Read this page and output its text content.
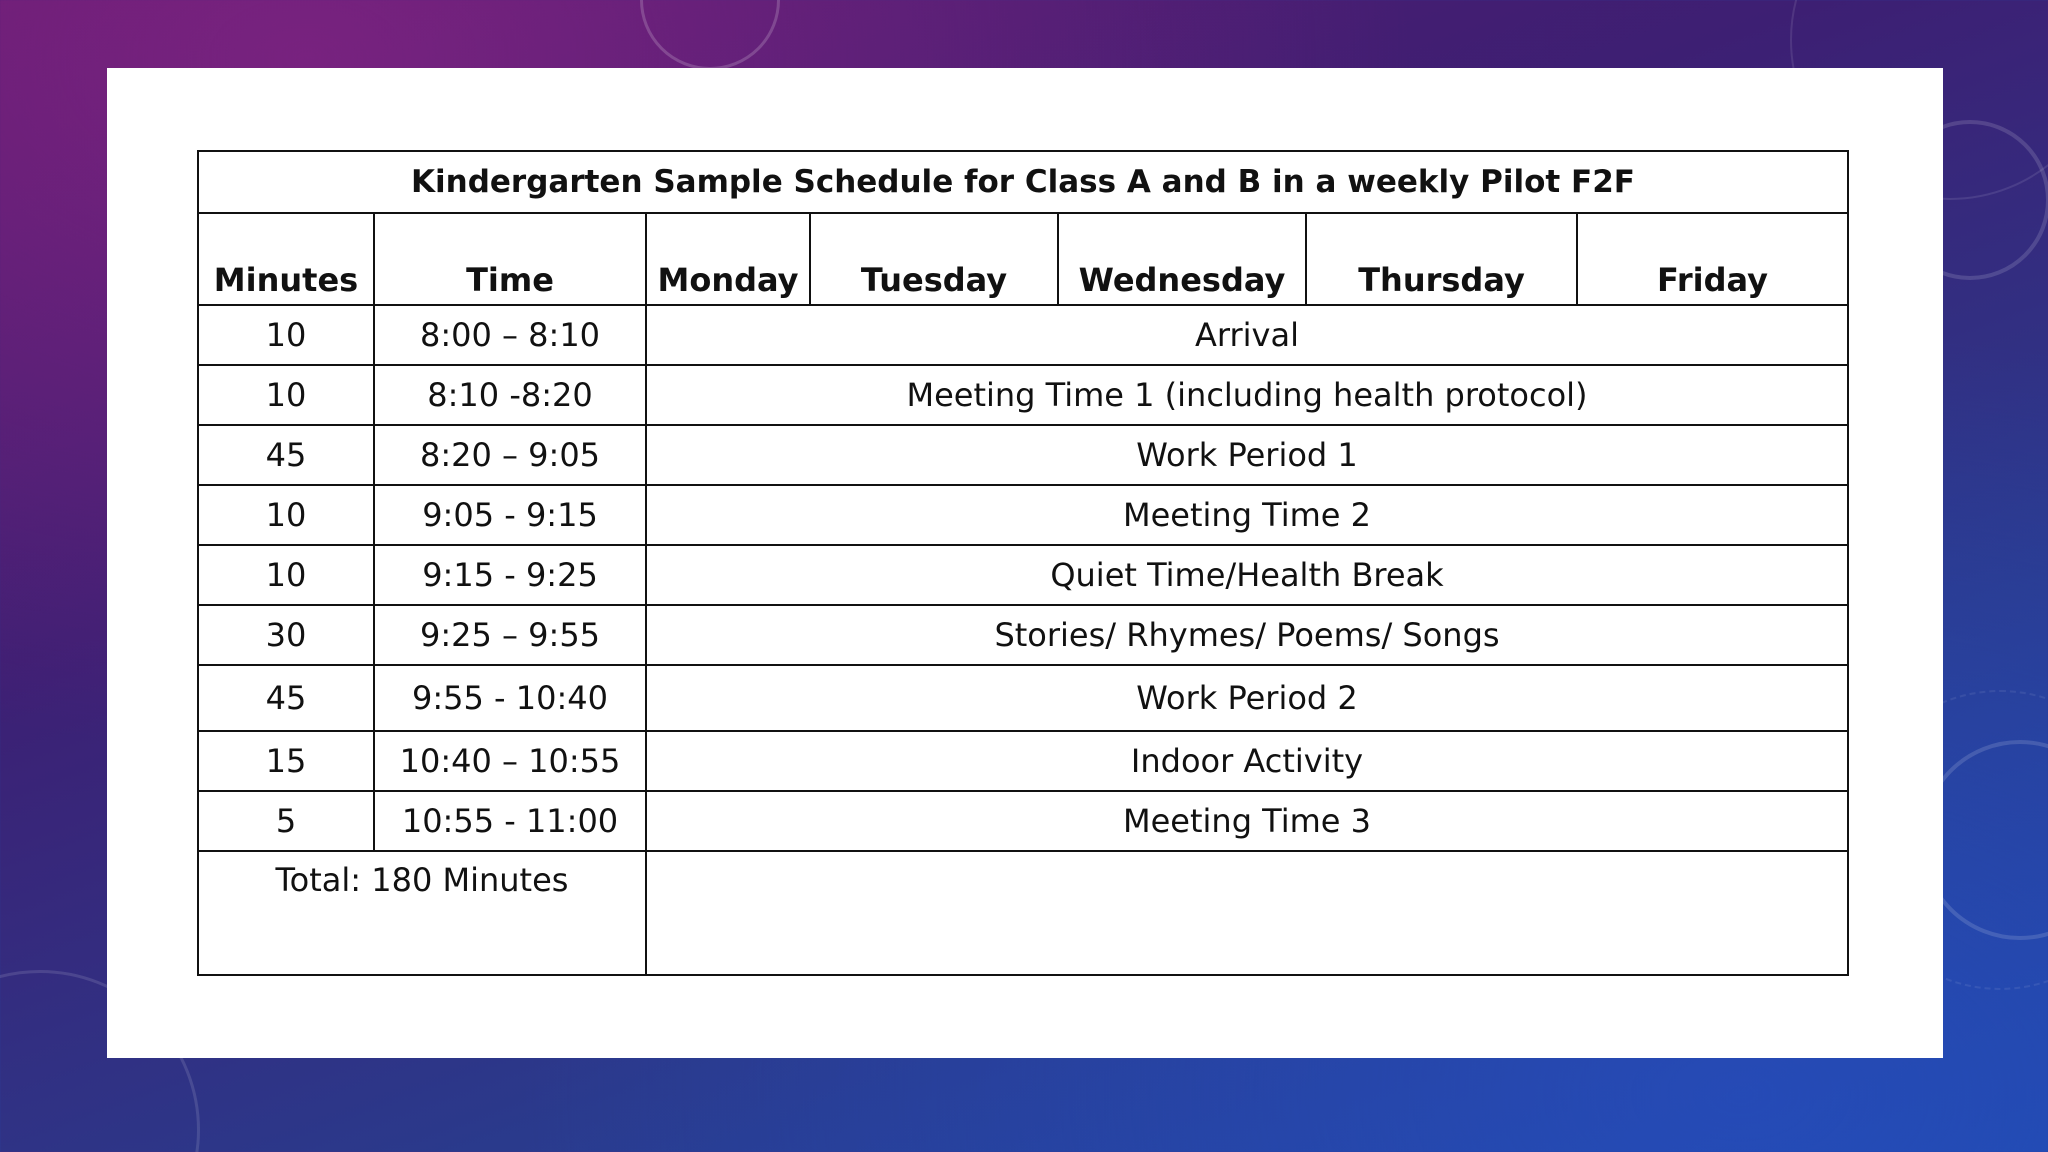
Kindergarten Sample Schedule for Class A and B in a weekly Pilot F2F						
Minutes	Time	Monday	Tuesday	Wednesday	Thursday	Friday
10	8:00 – 8:10	Arrival				
10	8:10 -8:20	Meeting Time 1 (including health protocol)				
45	8:20 – 9:05	Work Period 1				
10	9:05 - 9:15	Meeting Time 2				
10	9:15 - 9:25	Quiet Time/Health Break				
30	9:25 – 9:55	Stories/ Rhymes/ Poems/ Songs				
45	9:55 - 10:40	Work Period 2				
15	10:40 – 10:55	Indoor Activity				
5	10:55 - 11:00	Meeting Time 3				

Total: 180 Minutes						
